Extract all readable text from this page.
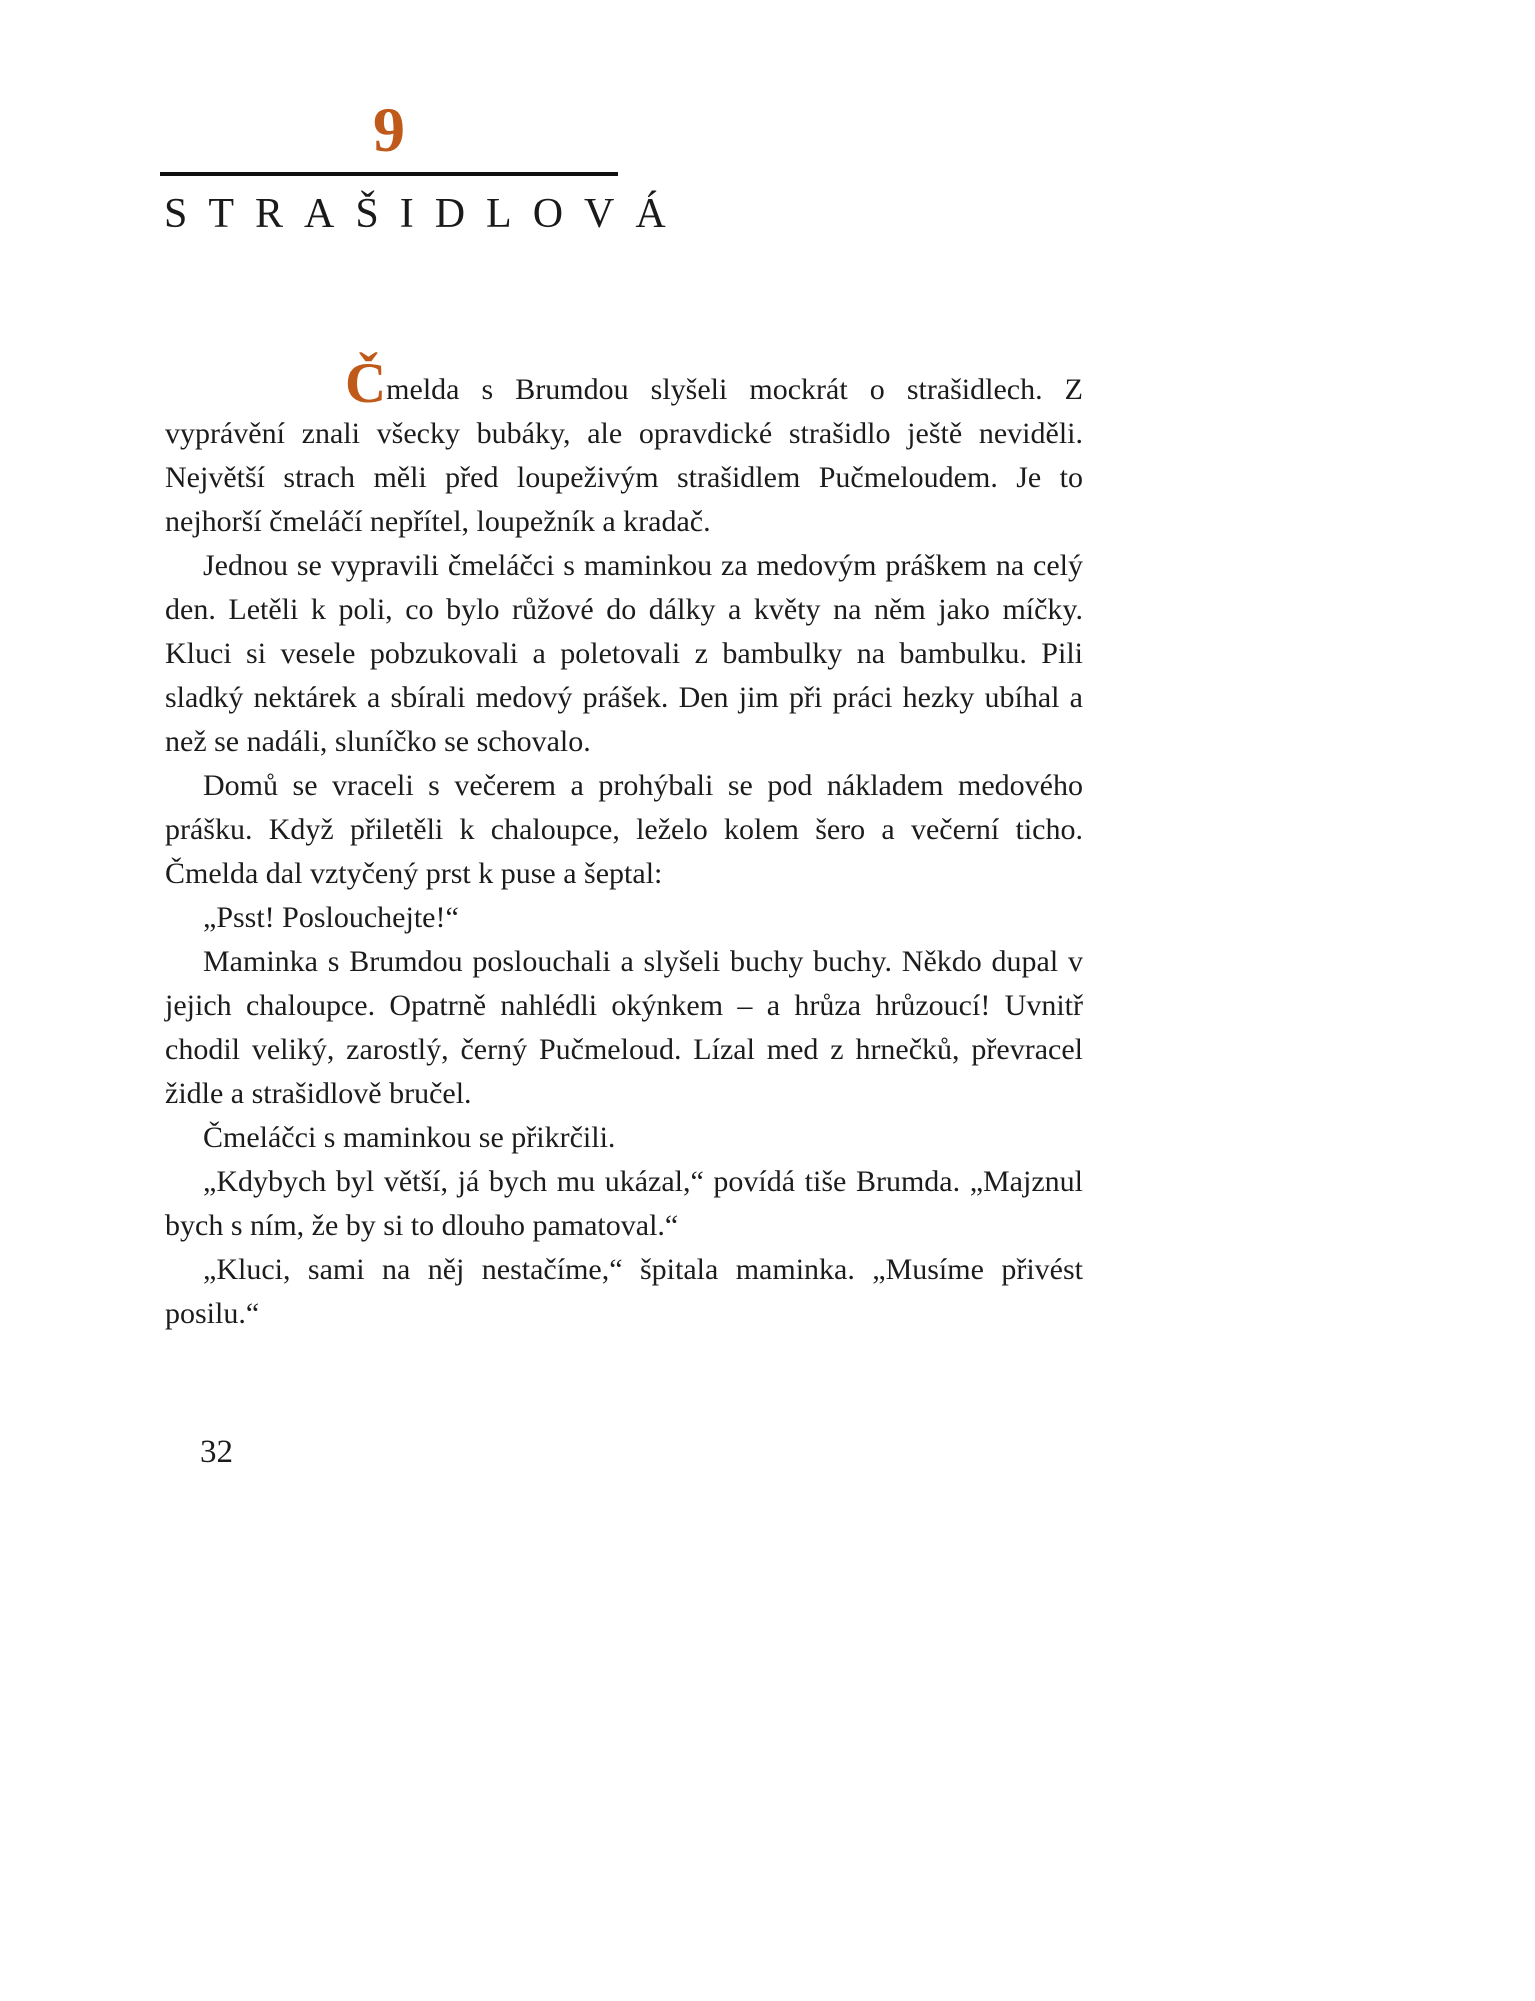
9
STRAŠIDLOVÁ

Čmelda s Brumdou slyšeli mockrát o strašidlech. Z vyprávění znali všecky bubáky, ale opravdické strašidlo ještě neviděli. Největší strach měli před loupeživým strašidlem Pučmeloudem. Je to nejhorší čmeláčí nepřítel, loupežník a kradač.

Jednou se vypravili čmeláčci s maminkou za medovým práškem na celý den. Letěli k poli, co bylo růžové do dálky a květy na něm jako míčky. Kluci si vesele pobzukovali a poletovali z bambulky na bambulku. Pili sladký nektárek a sbírali medový prášek. Den jim při práci hezky ubíhal a než se nadáli, sluníčko se schovalo.

Domů se vraceli s večerem a prohýbali se pod nákladem medového prášku. Když přiletěli k chaloupce, leželo kolem šero a večerní ticho. Čmelda dal vztyčený prst k puse a šeptal:

„Psst! Poslouchejte!“

Maminka s Brumdou poslouchali a slyšeli buchy buchy. Někdo dupal v jejich chaloupce. Opatrně nahlédli okýnkem – a hrůza hrůzoucí! Uvnitř chodil veliký, zarostlý, černý Pučmeloud. Lízal med z hrnečků, převracel židle a strašidlově bručel.

Čmeláčci s maminkou se přikrčili.

„Kdybych byl větší, já bych mu ukázal,“ povídá tiše Brumda. „Majznul bych s ním, že by si to dlouho pamatoval.“

„Kluci, sami na něj nestačíme,“ špitala maminka. „Musíme přivést posilu.“

32
